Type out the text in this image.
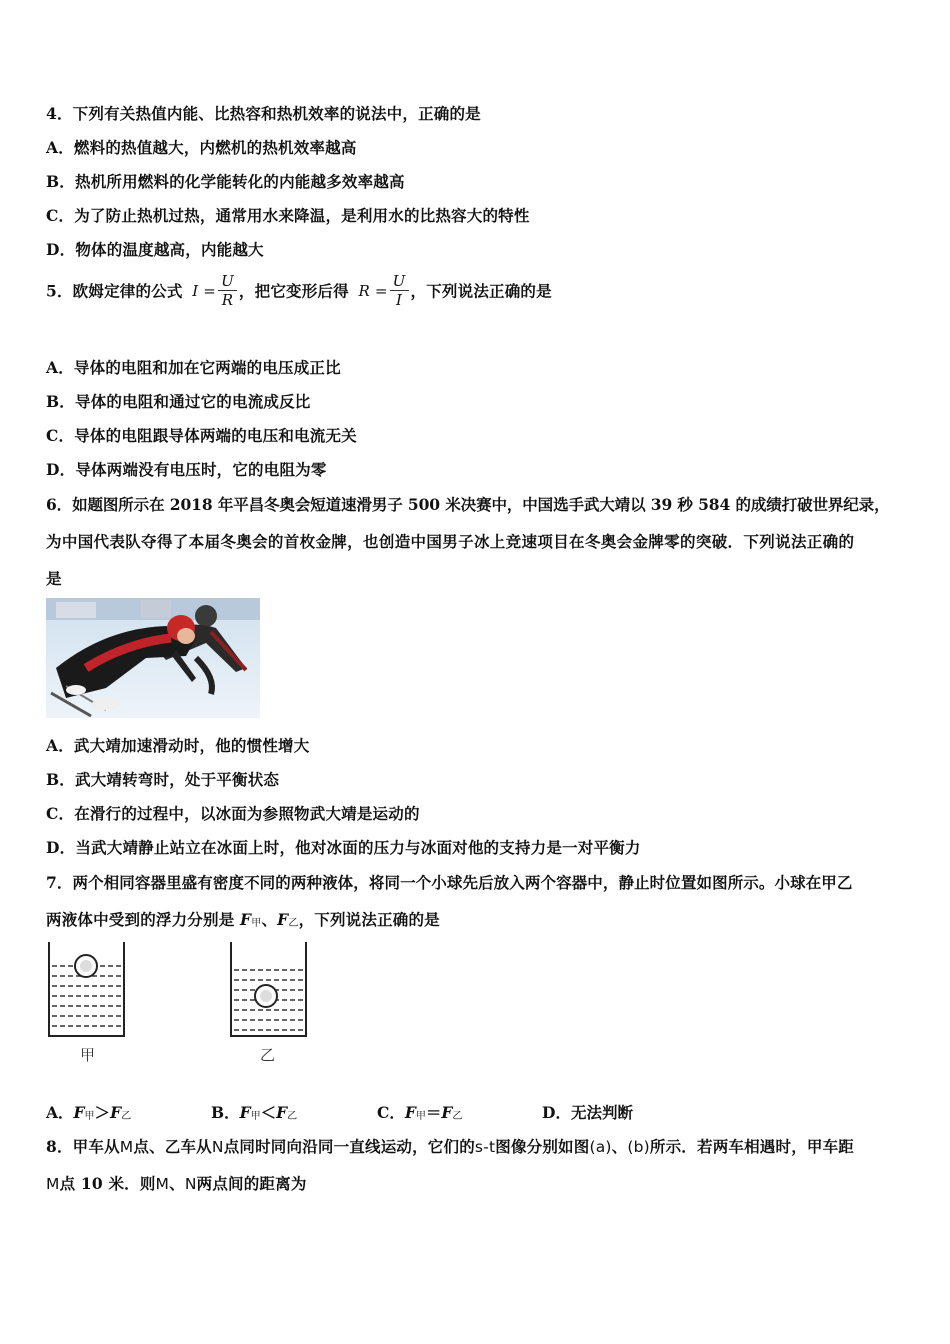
4．下列有关热值内能、比热容和热机效率的说法中，正确的是
A．燃料的热值越大，内燃机的热机效率越高
B．热机所用燃料的化学能转化的内能越多效率越高
C．为了防止热机过热，通常用水来降温，是利用水的比热容大的特性
D．物体的温度越高，内能越大
5．欧姆定律的公式 $I = \frac{U}{R}$ ，把它变形后得 $R = \frac{U}{I}$ ，下列说法正确的是
A．导体的电阻和加在它两端的电压成正比
B．导体的电阻和通过它的电流成反比
C．导体的电阻跟导体两端的电压和电流无关
D．导体两端没有电压时，它的电阻为零
6．如题图所示在 2018 年平昌冬奥会短道速滑男子 500 米决赛中，中国选手武大靖以 39 秒 584 的成绩打破世界纪录，
为中国代表队夺得了本届冬奥会的首枚金牌，也创造中国男子冰上竞速项目在冬奥会金牌零的突破．下列说法正确的
是
A．武大靖加速滑动时，他的惯性增大
B．武大靖转弯时，处于平衡状态
C．在滑行的过程中，以冰面为参照物武大靖是运动的
D．当武大靖静止站立在冰面上时，他对冰面的压力与冰面对他的支持力是一对平衡力
7．两个相同容器里盛有密度不同的两种液体，将同一个小球先后放入两个容器中，静止时位置如图所示。小球在甲乙
两液体中受到的浮力分别是 F甲、F乙，下列说法正确的是
甲	乙
A．F甲＞F乙	B．F甲＜F乙	C．F甲＝F乙	D．无法判断
8．甲车从M点、乙车从N点同时同向沿同一直线运动，它们的s-t图像分别如图(a)、(b)所示．若两车相遇时，甲车距
M点 10 米．则M、N两点间的距离为
